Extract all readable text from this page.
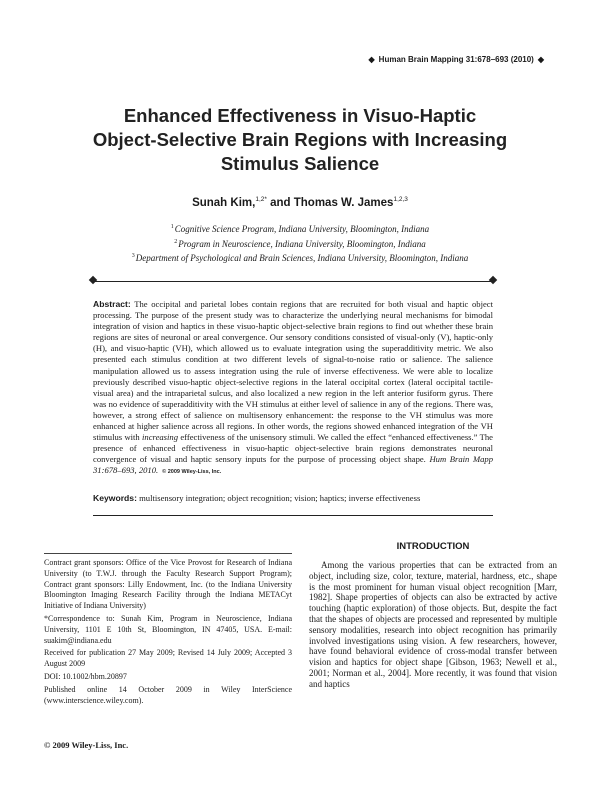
◆ Human Brain Mapping 31:678–693 (2010) ◆
Enhanced Effectiveness in Visuo-Haptic
Object-Selective Brain Regions with Increasing
Stimulus Salience
Sunah Kim,$^{1,2*}$ and Thomas W. James$^{1,2,3}$
$^1$Cognitive Science Program, Indiana University, Bloomington, Indiana
$^2$Program in Neuroscience, Indiana University, Bloomington, Indiana
$^3$Department of Psychological and Brain Sciences, Indiana University, Bloomington, Indiana
Abstract: The occipital and parietal lobes contain regions that are recruited for both visual and haptic object processing. The purpose of the present study was to characterize the underlying neural mechanisms for bimodal integration of vision and haptics in these visuo-haptic object-selective brain regions to find out whether these brain regions are sites of neuronal or areal convergence. Our sensory conditions consisted of visual-only (V), haptic-only (H), and visuo-haptic (VH), which allowed us to evaluate integration using the superadditivity metric. We also presented each stimulus condition at two different levels of signal-to-noise ratio or salience. The salience manipulation allowed us to assess integration using the rule of inverse effectiveness. We were able to localize previously described visuo-haptic object-selective regions in the lateral occipital cortex (lateral occipital tactile-visual area) and the intraparietal sulcus, and also localized a new region in the left anterior fusiform gyrus. There was no evidence of superadditivity with the VH stimulus at either level of salience in any of the regions. There was, however, a strong effect of salience on multisensory enhancement: the response to the VH stimulus was more enhanced at higher salience across all regions. In other words, the regions showed enhanced integration of the VH stimulus with increasing effectiveness of the unisensory stimuli. We called the effect “enhanced effectiveness.” The presence of enhanced effectiveness in visuo-haptic object-selective brain regions demonstrates neuronal convergence of visual and haptic sensory inputs for the purpose of processing object shape. Hum Brain Mapp 31:678–693, 2010. © 2009 Wiley-Liss, Inc.
Keywords: multisensory integration; object recognition; vision; haptics; inverse effectiveness

Contract grant sponsors: Office of the Vice Provost for Research of Indiana University (to T.W.J. through the Faculty Research Support Program); Contract grant sponsors: Lilly Endowment, Inc. (to the Indiana University Bloomington Imaging Research Facility through the Indiana METACyt Initiative of Indiana University)

*Correspondence to: Sunah Kim, Program in Neuroscience, Indiana University, 1101 E 10th St, Bloomington, IN 47405, USA. E-mail: suakim@indiana.edu

Received for publication 27 May 2009; Revised 14 July 2009; Accepted 3 August 2009

DOI: 10.1002/hbm.20897

Published online 14 October 2009 in Wiley InterScience (www.interscience.wiley.com).

© 2009 Wiley-Liss, Inc.
INTRODUCTION
Among the various properties that can be extracted from an object, including size, color, texture, material, hardness, etc., shape is the most prominent for human visual object recognition [Marr, 1982]. Shape properties of objects can also be extracted by active touching (haptic exploration) of those objects. But, despite the fact that the shapes of objects are processed and represented by multiple sensory modalities, research into object recognition has primarily involved investigations using vision. A few researchers, however, have found behavioral evidence of cross-modal transfer between vision and haptics for object shape [Gibson, 1963; Newell et al., 2001; Norman et al., 2004]. More recently, it was found that vision and haptics
